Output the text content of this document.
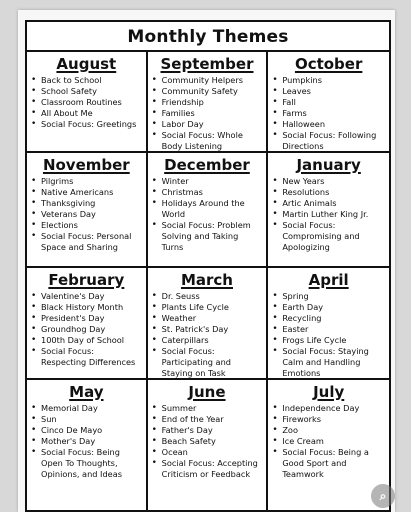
Monthly Themes
August
• Back to School
• School Safety
• Classroom Routines
• All About Me
• Social Focus: Greetings
September
• Community Helpers
• Community Safety
• Friendship
• Families
• Labor Day
• Social Focus: Whole Body Listening
October
• Pumpkins
• Leaves
• Fall
• Farms
• Halloween
• Social Focus: Following Directions
November
• Pilgrims
• Native Americans
• Thanksgiving
• Veterans Day
• Elections
• Social Focus: Personal Space and Sharing
December
• Winter
• Christmas
• Holidays Around the World
• Social Focus: Problem Solving and Taking Turns
January
• New Years
• Resolutions
• Artic Animals
• Martin Luther King Jr.
• Social Focus: Compromising and Apologizing
February
• Valentine's Day
• Black History Month
• President's Day
• Groundhog Day
• 100th Day of School
• Social Focus: Respecting Differences
March
• Dr. Seuss
• Plants Life Cycle
• Weather
• St. Patrick's Day
• Caterpillars
• Social Focus: Participating and Staying on Task
April
• Spring
• Earth Day
• Recycling
• Easter
• Frogs Life Cycle
• Social Focus: Staying Calm and Handling Emotions
May
• Memorial Day
• Sun
• Cinco De Mayo
• Mother's Day
• Social Focus: Being Open To Thoughts, Opinions, and Ideas
June
• Summer
• End of the Year
• Father's Day
• Beach Safety
• Ocean
• Social Focus: Accepting Criticism or Feedback
July
• Independence Day
• Fireworks
• Zoo
• Ice Cream
• Social Focus: Being a Good Sport and Teamwork
⌕
